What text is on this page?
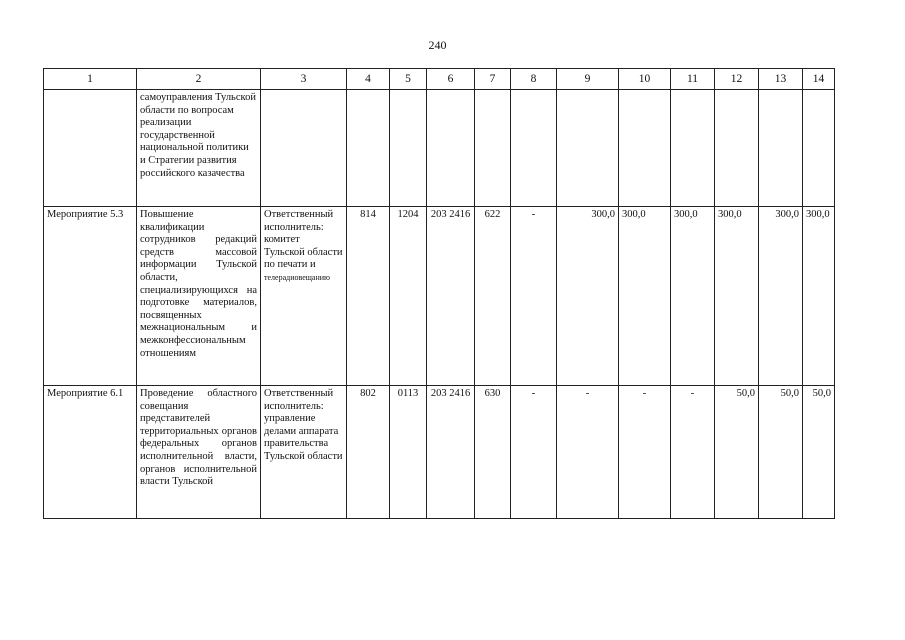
240
1	2	3	4	5	6	7	8	9	10	11	12	13	14
	самоуправления Тульской области по вопросам реализации государственной национальной политики и Стратегии развития российского казачества												
Мероприятие 5.3	Повышение квалификации сотрудников редакций средств массовой информации Тульской области, специализирующихся на подготовке материалов, посвященных межнациональным и межконфессиональным отношениям	Ответственный исполнитель: комитет Тульской области по печати и телерадиовещанию	814	1204	203 2416	622	-	300,0	300,0	300,0	300,0	300,0	300,0
Мероприятие 6.1	Проведение областного совещания представителей территориальных органов федеральных органов исполнительной власти, органов исполнительной власти Тульской	Ответственный исполнитель: управление делами аппарата правительства Тульской области	802	0113	203 2416	630	-	-	-	-	50,0	50,0	50,0
